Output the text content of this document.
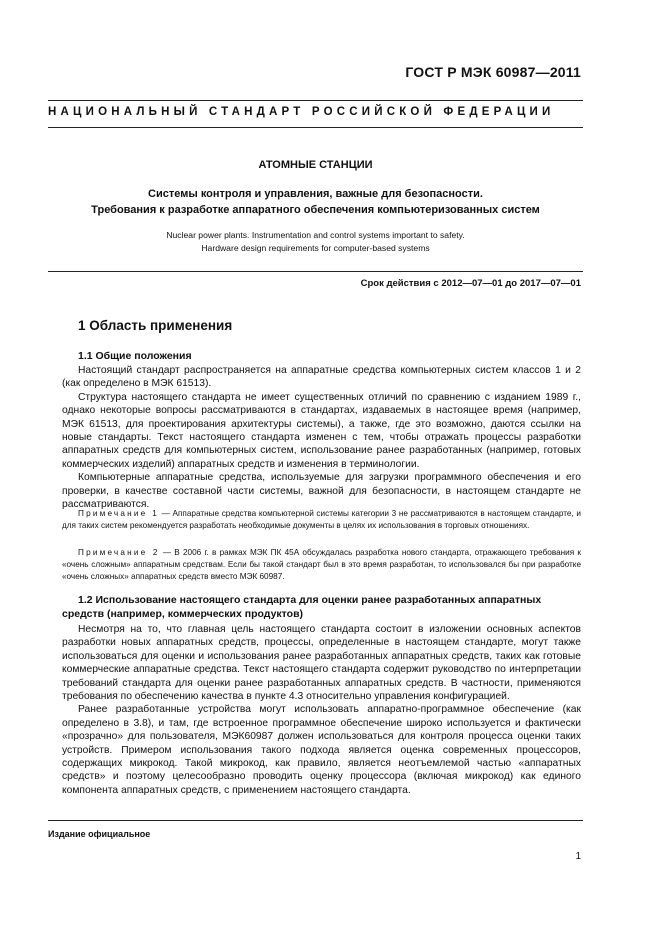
ГОСТ Р МЭК 60987—2011
НАЦИОНАЛЬНЫЙ СТАНДАРТ РОССИЙСКОЙ ФЕДЕРАЦИИ
АТОМНЫЕ СТАНЦИИ
Системы контроля и управления, важные для безопасности.
Требования к разработке аппаратного обеспечения компьютеризованных систем
Nuclear power plants. Instrumentation and control systems important to safety.
Hardware design requirements for computer-based systems
Срок действия с 2012—07—01 до 2017—07—01
1 Область применения
1.1 Общие положения

Настоящий стандарт распространяется на аппаратные средства компьютерных систем классов 1 и 2 (как определено в МЭК 61513).

Структура настоящего стандарта не имеет существенных отличий по сравнению с изданием 1989 г., однако некоторые вопросы рассматриваются в стандартах, издаваемых в настоящее время (например, МЭК 61513, для проектирования архитектуры системы), а также, где это возможно, даются ссылки на новые стандарты. Текст настоящего стандарта изменен с тем, чтобы отражать процессы разработки аппаратных средств для компьютерных систем, использование ранее разработанных (например, готовых коммерческих изделий) аппаратных средств и изменения в терминологии.

Компьютерные аппаратные средства, используемые для загрузки программного обеспечения и его проверки, в качестве составной части системы, важной для безопасности, в настоящем стандарте не рассматриваются.

Примечание 1 — Аппаратные средства компьютерной системы категории 3 не рассматриваются в настоящем стандарте, и для таких систем рекомендуется разработать необходимые документы в целях их использования в торговых отношениях.

Примечание 2 — В 2006 г. в рамках МЭК ПК 45А обсуждалась разработка нового стандарта, отражающего требования к «очень сложным» аппаратным средствам. Если бы такой стандарт был в это время разработан, то использовался бы при разработке «очень сложных» аппаратных средств вместо МЭК 60987.

1.2 Использование настоящего стандарта для оценки ранее разработанных аппаратных средств (например, коммерческих продуктов)

Несмотря на то, что главная цель настоящего стандарта состоит в изложении основных аспектов разработки новых аппаратных средств, процессы, определенные в настоящем стандарте, могут также использоваться для оценки и использования ранее разработанных аппаратных средств, таких как готовые коммерческие аппаратные средства. Текст настоящего стандарта содержит руководство по интерпретации требований стандарта для оценки ранее разработанных аппаратных средств. В частности, применяются требования по обеспечению качества в пункте 4.3 относительно управления конфигурацией.

Ранее разработанные устройства могут использовать аппаратно-программное обеспечение (как определено в 3.8), и там, где встроенное программное обеспечение широко используется и фактически «прозрачно» для пользователя, МЭК60987 должен использоваться для контроля процесса оценки таких устройств. Примером использования такого подхода является оценка современных процессоров, содержащих микрокод. Такой микрокод, как правило, является неотъемлемой частью «аппаратных средств» и поэтому целесообразно проводить оценку процессора (включая микрокод) как единого компонента аппаратных средств, с применением настоящего стандарта.

Издание официальное
1
